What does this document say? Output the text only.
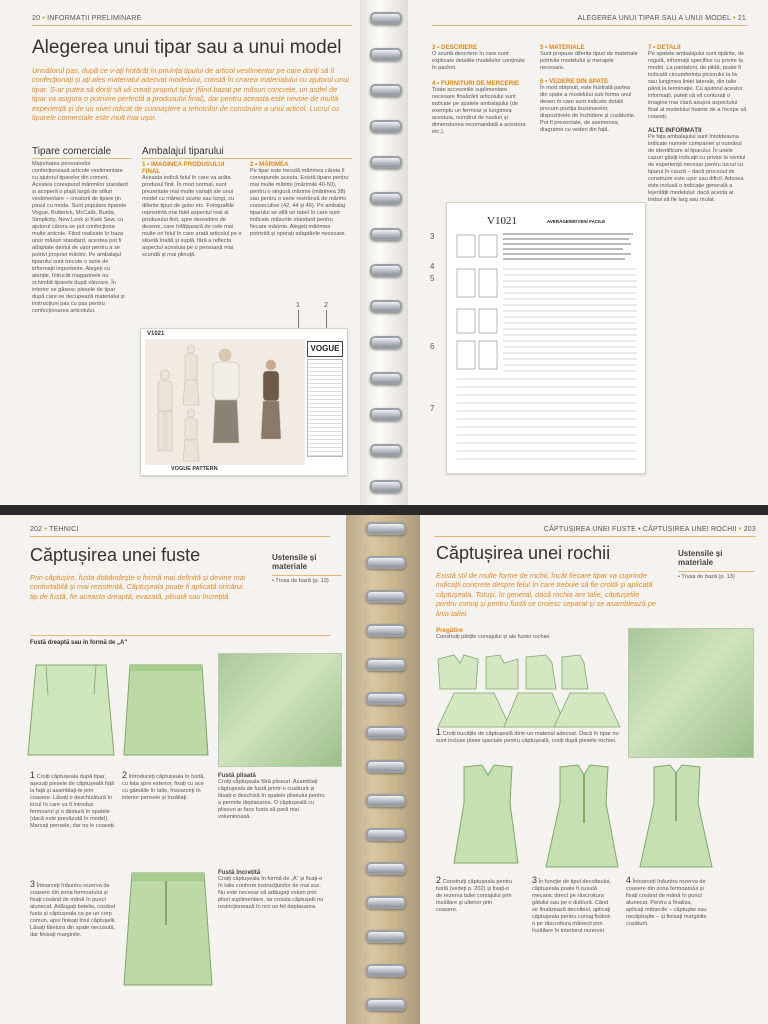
20 • INFORMAȚII PRELIMINARE
Alegerea unui tipar sau a unui model
Următorul pas, după ce v-ați hotărât în privința tipului de articol vestimentar pe care doriți să îl confecționați și ați ales materialul adecvat modelului, constă în croirea materialului cu ajutorul unui tipar. S-ar putea să doriți să vă creați propriul tipar (fiind bazat pe măsuri concrete, un astfel de tipar va asigura o potrivire perfectă a produsului final), dar pentru aceasta este nevoie de multă experiență și de un nivel ridicat de cunoaștere a tehnicilor de construire a unui articol. Lucrul cu tiparele comerciale este mult mai ușor.
Tipare comerciale
Majoritatea persoanelor confecționează articole vestimentare cu ajutorul tiparelor din comerț. Acestea corespund mărimilor standard și acoperă o plajă largă de stiluri vestimentare – creatorii de tipare țin pasul cu moda. Sunt populare tiparele Vogue, Butterick, McCalls, Burda, Simplicity, New Look și Kwik Sew, cu ajutorul cărora se pot confecționa multe articole. Fiind realizate în baza unor măsuri standard, acestea pot fi adaptate destul de ușor pentru a se potrivi propriei mărimi. Pe ambalajul tiparului sunt trecute o serie de informații importante. Alegeți cu atenție, întrucât magazinele nu schimbă tiparele după vânzare. În interior se găsesc piesele de tipar după care se decupează materialul și instrucțiuni pas cu pas pentru confecționarea articolului.
Ambalajul tiparului
1 • IMAGINEA PRODUSULUI FINAL
Aceasta indică felul în care va arăta produsul finit. În mod normal, sunt prezentate mai multe variații ale unui model cu mâneci scurte sau lungi, cu diferite tipuri de guler etc. Fotografiile reprezintă mai fidel aspectul real al produsului finit, spre deosebire de desene, care înfățișează de cele mai multe ori felul în care arată articolul pe o siluetă înaltă și suplă, fără a reflecta aspectul acestuia pe o persoană mai scundă și mai plinuță.
2 • MĂRIMEA
Pe tipar este trecută mărimea căreia îi corespunde acesta. Există tipare pentru mai multe mărimi (mărimile 40-50), pentru o singură mărime (mărimea 38) sau pentru o serie restrânsă de mărimi consecutive (42, 44 și 46). Pe ambalaj tiparului se află un tabel în care sunt indicate măsurile standard pentru fiecare mărime. Alegeți mărimea potrivită și operați adaptările necesare.
1	2
V1021
VOGUE
VOGUE PATTERN
ALEGEREA UNUI TIPAR SAU A UNUI MODEL • 21
3 • DESCRIERE
O scurtă descriere în care sunt explicate detaliile modelelor conținute în pachet.
4 • FURNITURI DE MERCERIE
Toate accesoriile suplimentare necesare finalizării articolului sunt indicate pe spatele ambalajului (de exemplu un fermoar și lungimea acestuia, numărul de nasturi și dimensiunea recomandată a acestora etc.).
5 • MATERIALE
Sunt propuse diferite tipuri de materiale potrivite modelului și merajele necesare.
6 • VEDERE DIN SPATE
În mod obișnuit, este ilustrată partea din spate a modelului sub forma unui desen în care sunt indicate detalii precum poziția buzunarelor, dispozitivele de închidere și cusăturile. Pot fi prezentate, de asemenea, diagrame cu vederi din față.
7 • DETALII
Pe spatele ambalajului sunt tipărite, de regulă, informații specifice cu privire la model. La pantaloni, de pildă, poate fi indicată circumferința piciorului la tiv sau lungimea liniei laterale, din talie până la terminație. Cu ajutorul acestor informații, puteți să vă conturați o imagine mai clară asupra aspectului final al modelului înainte de a începe să coaseți.
ALTE INFORMAȚII
Pe fața ambalajului sunt întotdeauna indicate numele companiei și numărul de identificare al tiparului. În unele cazuri găsiți indicații cu privire la nivelul de experiență necesar pentru lucrul cu tiparul în cauză – dacă procesul de construire este ușor sau dificil. Adesea este inclusă o indicație generală a lejerității modelului: dacă acesta ar trebui să fie larg sau mulat.
3
4
5
6
7
V1021	AVERAGE/MOYEN/ FACILE
202 • TEHNICI
Căptușirea unei fuste
Prin căptușire, fusta dobândește o formă mai definită și devine mai confortabilă și mai rezistentă. Căptușeala poate fi aplicată oricărui tip de fustă, fie aceasta dreaptă, evazată, plisată sau încrețită.
Ustensile și materiale
• Trusa de bază (p. 13)
Fustă dreaptă sau în formă de „A"
1 Croiți căptușeala după tipar, așezați piesele de căptușeală față la față și asamblați-le prin coasere. Lăsați o deschizătură în locul în care va fi introdus fermoarul și o tăietură în spatele (dacă este prevăzută în model). Marcați pensele, dar nu le coaseți.
2 Introduceți căptușeala în fustă, cu fața spre exterior, fixați cu ace cu gămălie în talie, însoarceți în interior pensele și însăilați.
3 Întoarceți înăuntru rezerva de coasere din zona fermoarului și fixați cosând de mână în punct alunecat. Adăugați betelia, cosând fusta și căptușeala ca pe un corp comun, apoi finisați tivul căptușelii. Lăsați tăietura din spate necusută, dar finisați marginile.
Fustă plisată
Croiți căptușeala fără pliseuri. Asamblați căptușeala de fustă printr-o cusătură și lăsați-o deschisă în spatele pliseului pentru a permite deplasarea. O căptușeală cu pliseuri ar face fusta să pară mai voluminoasă.
Fustă încrețită
Croiți căptușeala în formă de „A" și fixați-o în talie conform instrucțiunilor de mai sus. Nu este necesar să adăugați volum prin pliuri suplimentare, iar croiala căptușelii nu restricționează în nici un fel deplasarea.
CĂPTUȘIREA UNEI FUSTE • CĂPTUȘIREA UNEI ROCHII • 203
Căptușirea unei rochii
Există stil de multe forme de rochii, încât fiecare tipar va cuprinde indicații concrete despre felul în care trebuie să fie croită și aplicată căptușeala. Totuși, în general, dacă rochia are talie, căptușelile pentru corsaj și pentru fustă se croiesc separat și se asamblează pe linia taliei.
Ustensile și materiale
• Trusa de bază (p. 13)
Pregătire
Construiți părțile corsajului și ale fustei rochiei.
1 Croiți bucățile de căptușeală dintr-un material adecvat. Dacă în tipar nu sunt incluse piese speciale pentru căptușeală, croiți după piesele rochiei.
2 Construiți căptușeala pentru fustă (vedeți p. 202) și fixați-o de rezerva taliei corsajului prin însăilare și ulterior prin coasere.
3 În funcție de tipul decolteului, căptușeala poate fi cusută mecanic direct pe răscroitura gâtului sau pe o dublură. Când se finalizează decolteul, aplicați căptușeala pentru corsaj fixând-o pe răscroitura mânecii prin însăilare în interiorul rezervei.
4 Întoarceți înăuntru rezerva de coasere din zona fermoarului și fixați cosând de mână în punct alunecat. Pentru a finaliza, aplicați mânecile – căptușite sau necăptușite – și finisați marginile cusăturii.
